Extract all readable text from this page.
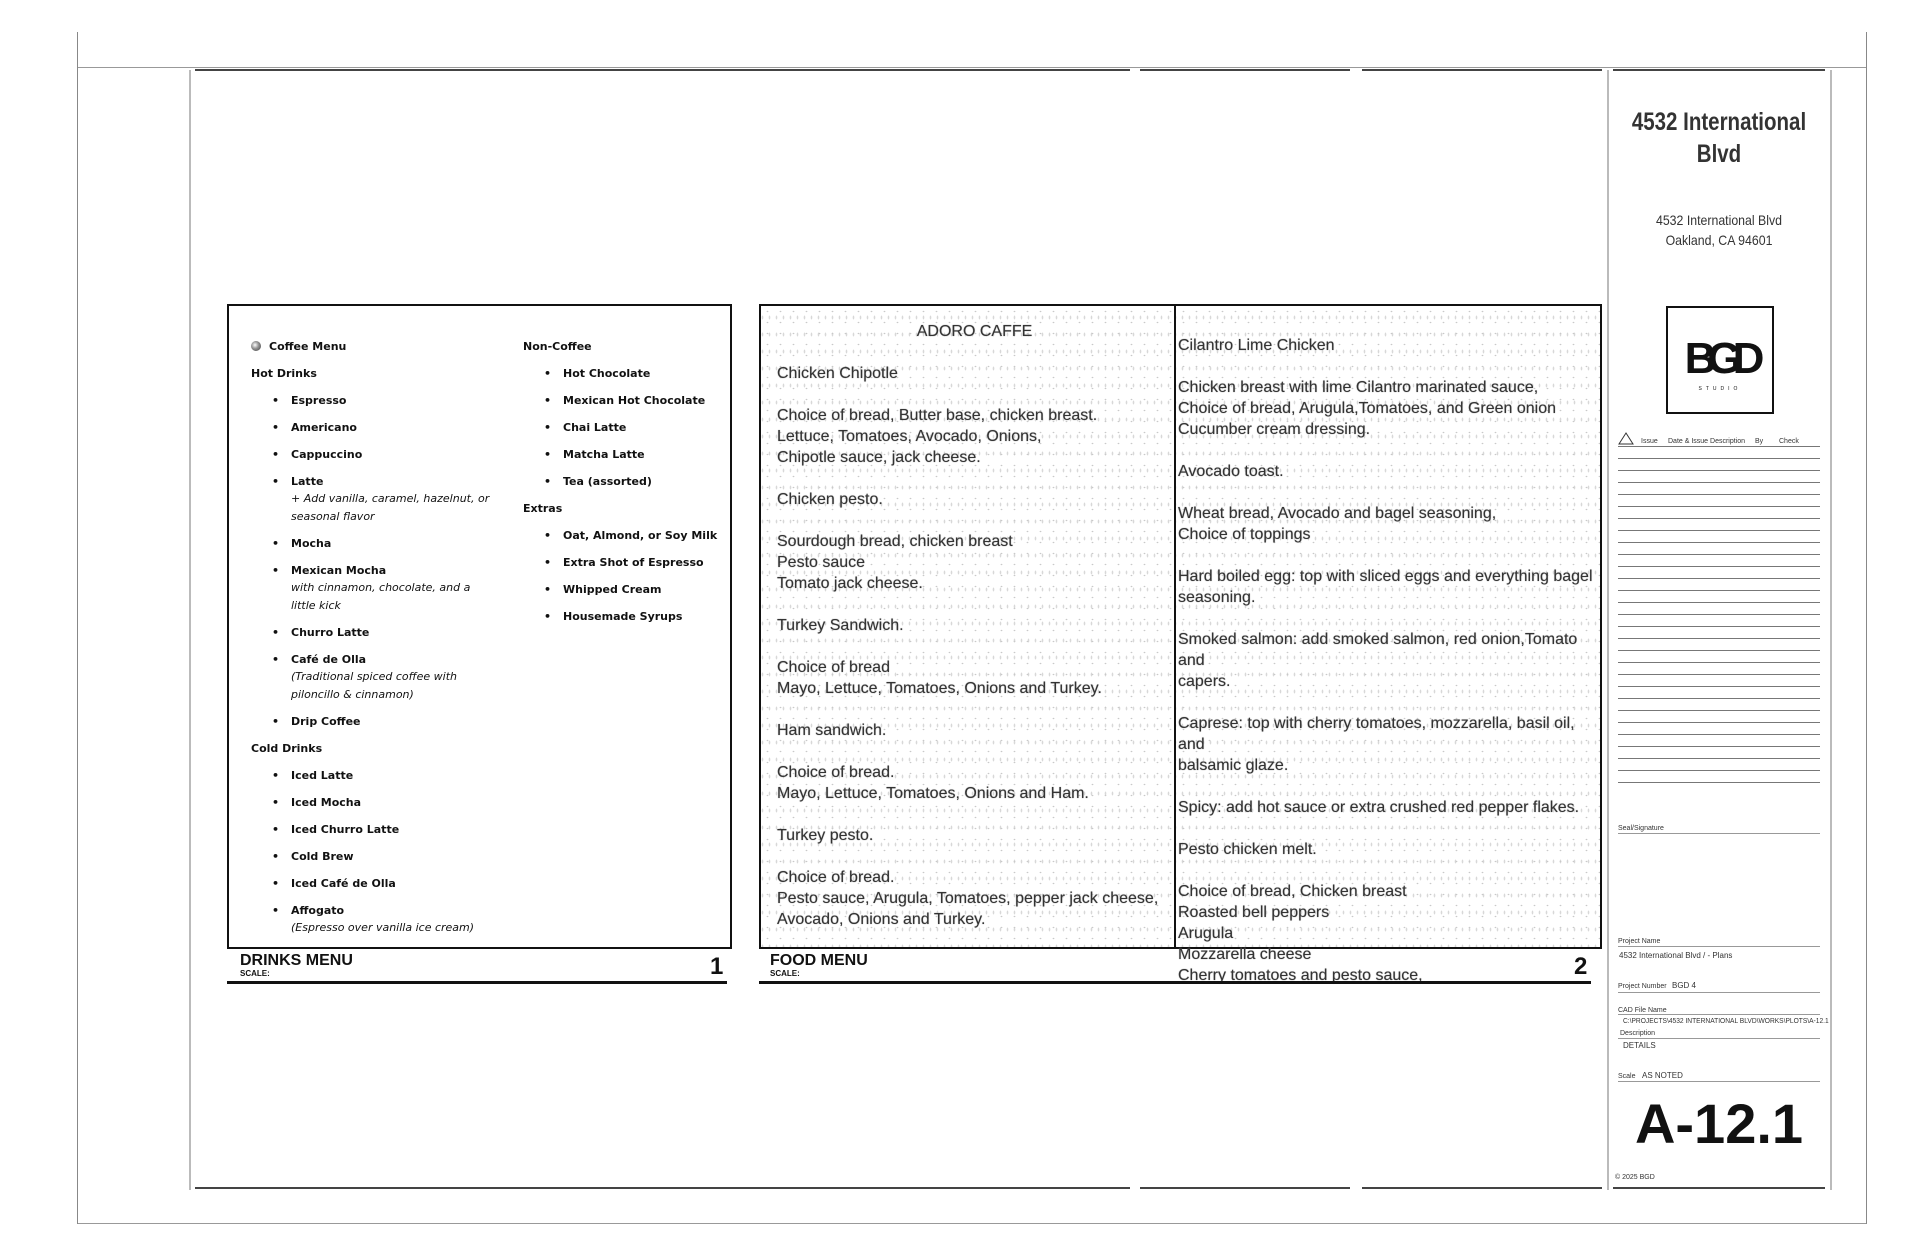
Coffee Menu
Hot Drinks
• Espresso
• Americano
• Cappuccino
• Latte
+ Add vanilla, caramel, hazelnut, or seasonal flavor
• Mocha
• Mexican Mocha
with cinnamon, chocolate, and a little kick
• Churro Latte
• Café de Olla
(Traditional spiced coffee with piloncillo & cinnamon)
• Drip Coffee
Cold Drinks
• Iced Latte
• Iced Mocha
• Iced Churro Latte
• Cold Brew
• Iced Café de Olla
• Affogato
(Espresso over vanilla ice cream)
Non-Coffee
• Hot Chocolate
• Mexican Hot Chocolate
• Chai Latte
• Matcha Latte
• Tea (assorted)
Extras
• Oat, Almond, or Soy Milk
• Extra Shot of Espresso
• Whipped Cream
• Housemade Syrups
DRINKS MENU
SCALE:	1

ADORO CAFFE

Chicken Chipotle

Choice of bread, Butter base, chicken breast.
Lettuce, Tomatoes, Avocado, Onions,
Chipotle sauce, jack cheese.

Chicken pesto.

Sourdough bread, chicken breast
Pesto sauce
Tomato jack cheese.

Turkey Sandwich.

Choice of bread
Mayo, Lettuce, Tomatoes, Onions and Turkey.

Ham sandwich.

Choice of bread.
Mayo, Lettuce, Tomatoes, Onions and Ham.

Turkey pesto.

Choice of bread.
Pesto sauce, Arugula, Tomatoes, pepper jack cheese,
Avocado, Onions and Turkey.

Cilantro Lime Chicken

Chicken breast with lime Cilantro marinated sauce,
Choice of bread, Arugula,Tomatoes, and Green onion
Cucumber cream dressing.

Avocado toast.

Wheat bread, Avocado and bagel seasoning,
Choice of toppings

Hard boiled egg: top with sliced eggs and everything bagel
seasoning.

Smoked salmon: add smoked salmon, red onion,Tomato and
capers.

Caprese: top with cherry tomatoes, mozzarella, basil oil, and
balsamic glaze.

Spicy: add hot sauce or extra crushed red pepper flakes.

Pesto chicken melt.

Choice of bread, Chicken breast
Roasted bell peppers
Arugula
Mozzarella cheese
Cherry tomatoes and pesto sauce,

FOOD MENU
SCALE:	2
4532 International
Blvd
4532 International Blvd
Oakland, CA 94601
BGD
STUDIO
Issue Date & Issue Description By Check
Seal/Signature
Project Name
4532 International Blvd / - Plans
Project Number BGD 4
CAD File Name
C:\PROJECTS\4532 INTERNATIONAL BLVD\WORKS\PLOTS\A-12.1
Description
DETAILS
Scale AS NOTED
A-12.1
© 2025 BGD
